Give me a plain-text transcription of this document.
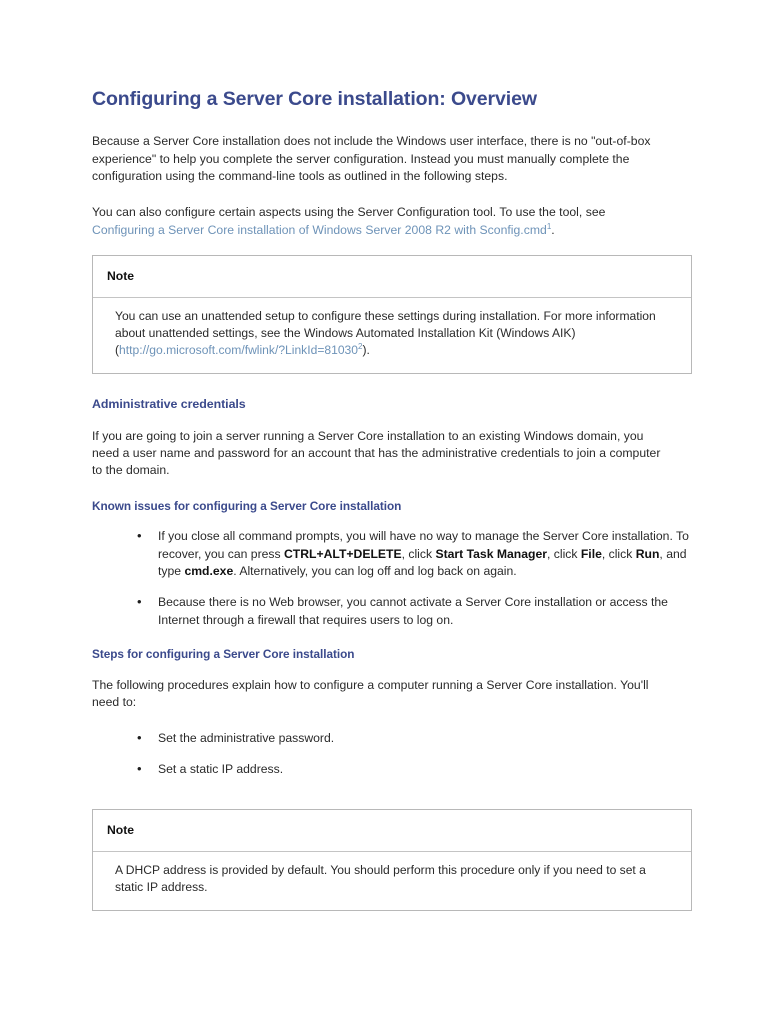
Configuring a Server Core installation: Overview

Because a Server Core installation does not include the Windows user interface, there is no "out-of-box experience" to help you complete the server configuration. Instead you must manually complete the configuration using the command-line tools as outlined in the following steps.

You can also configure certain aspects using the Server Configuration tool. To use the tool, see Configuring a Server Core installation of Windows Server 2008 R2 with Sconfig.cmd$^1$.

Note
You can use an unattended setup to configure these settings during installation. For more information about unattended settings, see the Windows Automated Installation Kit (Windows AIK) $(http://go.microsoft.com/fwlink/?LinkId=81030^2)$.
Administrative credentials

If you are going to join a server running a Server Core installation to an existing Windows domain, you need a user name and password for an account that has the administrative credentials to join a computer to the domain.

Known issues for configuring a Server Core installation
• If you close all command prompts, you will have no way to manage the Server Core installation. To recover, you can press CTRL+ALT+DELETE, click Start Task Manager, click File, click Run, and type cmd.exe. Alternatively, you can log off and log back on again.
• Because there is no Web browser, you cannot activate a Server Core installation or access the Internet through a firewall that requires users to log on.
Steps for configuring a Server Core installation

The following procedures explain how to configure a computer running a Server Core installation. You'll need to:

• Set the administrative password.
• Set a static IP address.
Note
A DHCP address is provided by default. You should perform this procedure only if you need to set a static IP address.
